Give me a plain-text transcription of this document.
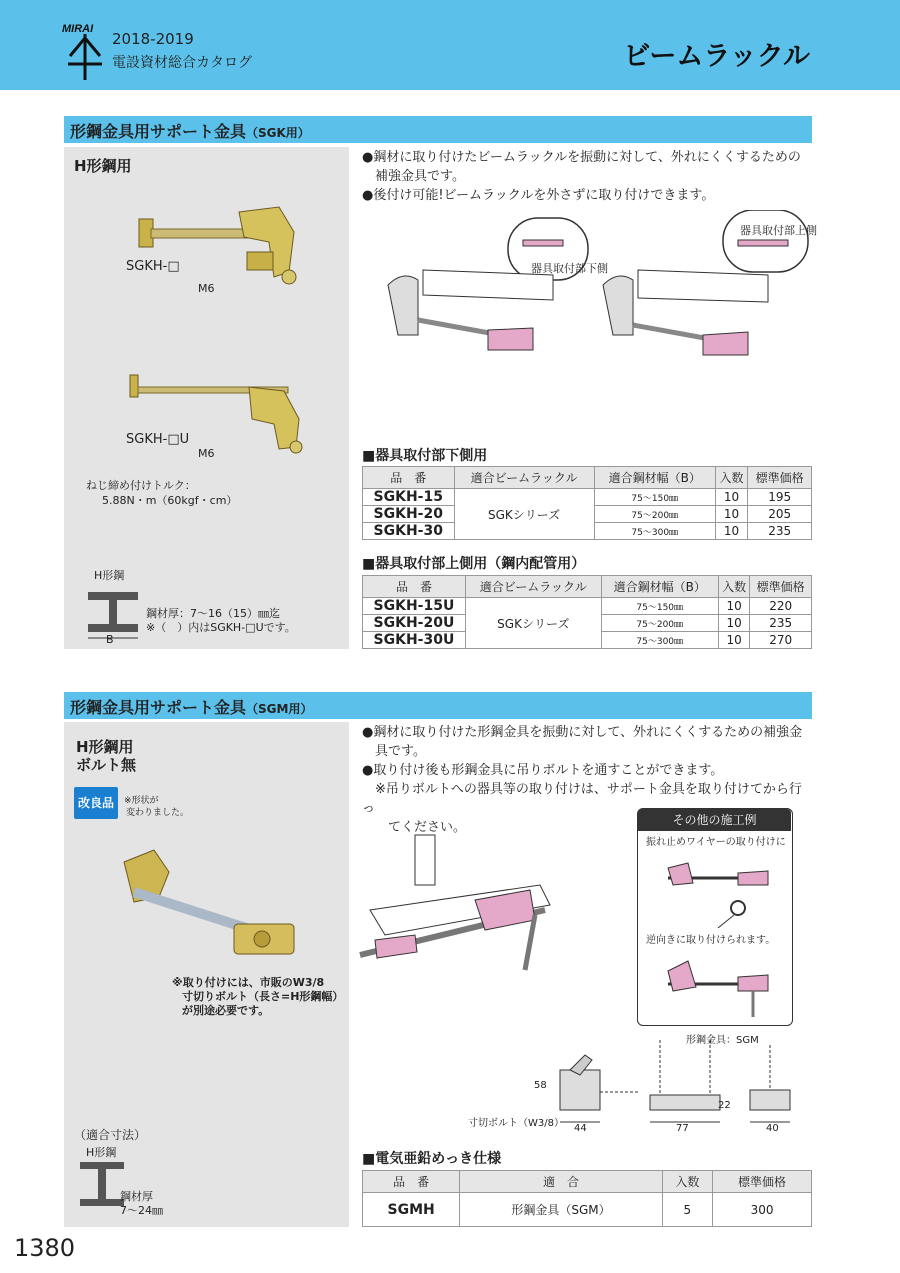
MIRAI
2018-2019
電設資材総合カタログ	ビームラックル
形鋼金具用サポート金具（SGK用）
H形鋼用
SGKH-□
M6
SGKH-□U
M6
ねじ締め付けトルク：
5.88N・m（60kgf・cm）
H形鋼
B
鋼材厚：7～16（15）㎜迄
※（　）内はSGKH-□Uです。
●鋼材に取り付けたビームラックルを振動に対して、外れにくくするための
　補強金具です。
●後付け可能!ビームラックルを外さずに取り付けできます。
器具取付部下側
器具取付部上側
■器具取付部下側用
品　番	適合ビームラックル	適合鋼材幅（B）	入数	標準価格
SGKH-15	SGKシリーズ	75～150㎜	10	195
SGKH-20		75～200㎜	10	205
SGKH-30		75～300㎜	10	235
■器具取付部上側用（鋼内配管用）
品　番	適合ビームラックル	適合鋼材幅（B）	入数	標準価格
SGKH-15U	SGKシリーズ	75～150㎜	10	220
SGKH-20U		75～200㎜	10	235
SGKH-30U		75～300㎜	10	270
形鋼金具用サポート金具（SGM用）
H形鋼用
ボルト無
※形状が
変わりました。
※取り付けには、市販のW3/8
寸切りボルト（長さ=H形鋼幅）
が別途必要です。
（適合寸法）
H形鋼
鋼材厚
7～24㎜
改良品
●鋼材に取り付けた形鋼金具を振動に対して、外れにくくするための補強金
　具です。
●取り付け後も形鋼金具に吊りボルトを通すことができます。
　※吊りボルトへの器具等の取り付けは、サポート金具を取り付けてから行っ
　　てください。	その他の施工例
振れ止めワイヤーの取り付けに
逆向きに取り付けられます。
形鋼金具：SGM
寸切ボルト（W3/8）
58
44	77
22
40
■電気亜鉛めっき仕様
品　番	適　合	入数	標準価格
SGMH	形鋼金具（SGM）	5	300
1380
